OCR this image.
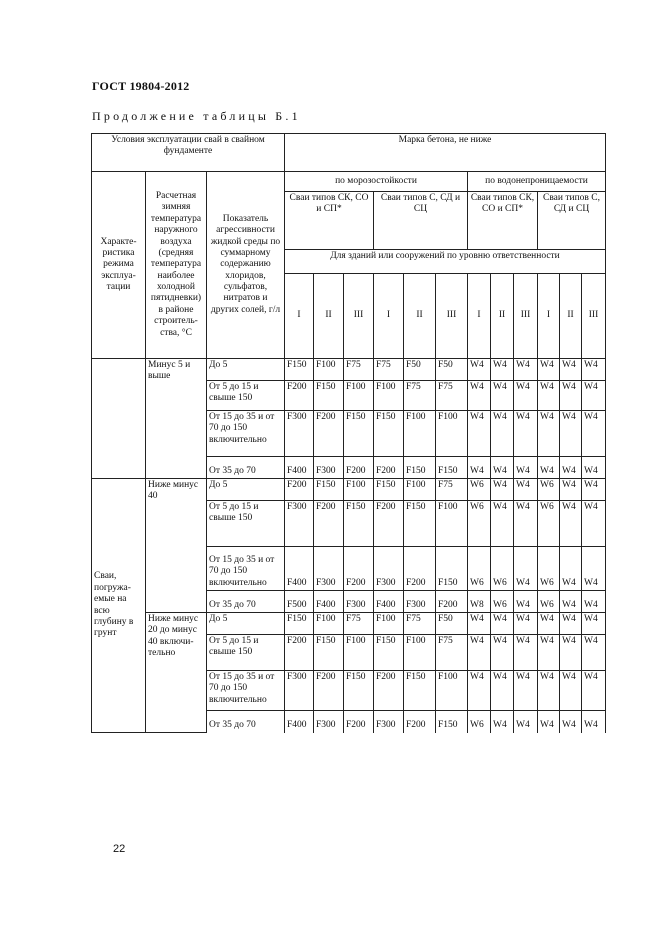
ГОСТ 19804-2012
Продолжение таблицы Б.1
Условия эксплуатации свай в свайном фундаменте			Марка бетона, не ниже											
Характе-ристика режима эксплуа-тации	Расчетная зимняя температура наружного воздуха (средняя температура наиболее холодной пятидневки) в районе строитель-ства, °С	Показатель агрессивности жидкой среды по суммарному содержанию хлоридов, сульфатов, нитратов и других солей, г/л	по морозостойкости						по водонепроницаемости					
			Сваи типов СК, СО и СП*			Сваи типов С, СД и СЦ			Сваи типов СК, СО и СП*			Сваи типов С, СД и СЦ		
			Для зданий или сооружений по уровню ответственности											
			I	II	III	I	II	III	I	II	III	I	II	III
	Минус 5 и выше	До 5	F150	F100	F75	F75	F50	F50	W4	W4	W4	W4	W4	W4
		От 5 до 15 и свыше 150	F200	F150	F100	F100	F75	F75	W4	W4	W4	W4	W4	W4
		От 15 до 35 и от 70 до 150 включительно	F300	F200	F150	F150	F100	F100	W4	W4	W4	W4	W4	W4
		От 35 до 70	F400	F300	F200	F200	F150	F150	W4	W4	W4	W4	W4	W4
Сваи, погружа-емые на всю глубину в грунт	Ниже минус 40	До 5	F200	F150	F100	F150	F100	F75	W6	W4	W4	W6	W4	W4
		От 5 до 15 и свыше 150	F300	F200	F150	F200	F150	F100	W6	W4	W4	W6	W4	W4
		От 15 до 35 и от 70 до 150 включительно	F400	F300	F200	F300	F200	F150	W6	W6	W4	W6	W4	W4
		От 35 до 70	F500	F400	F300	F400	F300	F200	W8	W6	W4	W6	W4	W4
	Ниже минус 20 до минус 40 включи-тельно	До 5	F150	F100	F75	F100	F75	F50	W4	W4	W4	W4	W4	W4
		От 5 до 15 и свыше 150	F200	F150	F100	F150	F100	F75	W4	W4	W4	W4	W4	W4
		От 15 до 35 и от 70 до 150 включительно	F300	F200	F150	F200	F150	F100	W4	W4	W4	W4	W4	W4
		От 35 до 70	F400	F300	F200	F300	F200	F150	W6	W4	W4	W4	W4	W4
22
